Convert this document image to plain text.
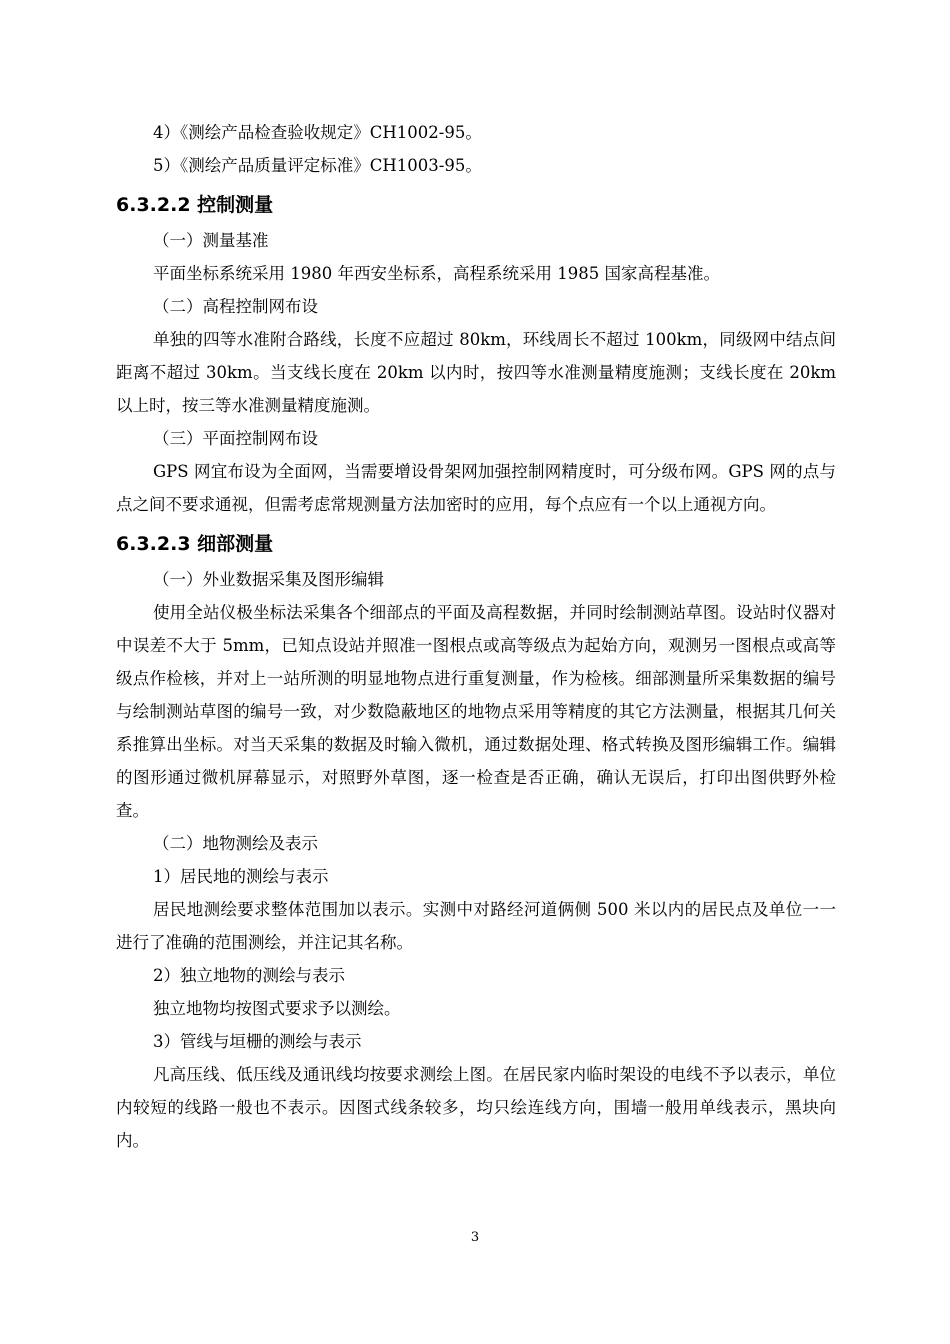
4）《测绘产品检查验收规定》CH1002-95。

5）《测绘产品质量评定标准》CH1003-95。

6.3.2.2 控制测量

（一）测量基准

平面坐标系统采用 1980 年西安坐标系，高程系统采用 1985 国家高程基准。

（二）高程控制网布设

单独的四等水准附合路线，长度不应超过 80km，环线周长不超过 100km，同级网中结点间距离不超过 30km。当支线长度在 20km 以内时，按四等水准测量精度施测；支线长度在 20km 以上时，按三等水准测量精度施测。

（三）平面控制网布设

GPS 网宜布设为全面网，当需要增设骨架网加强控制网精度时，可分级布网。GPS 网的点与点之间不要求通视，但需考虑常规测量方法加密时的应用，每个点应有一个以上通视方向。

6.3.2.3 细部测量

（一）外业数据采集及图形编辑

使用全站仪极坐标法采集各个细部点的平面及高程数据，并同时绘制测站草图。设站时仪器对中误差不大于 5mm，已知点设站并照准一图根点或高等级点为起始方向，观测另一图根点或高等级点作检核，并对上一站所测的明显地物点进行重复测量，作为检核。细部测量所采集数据的编号与绘制测站草图的编号一致，对少数隐蔽地区的地物点采用等精度的其它方法测量，根据其几何关系推算出坐标。对当天采集的数据及时输入微机，通过数据处理、格式转换及图形编辑工作。编辑的图形通过微机屏幕显示，对照野外草图，逐一检查是否正确，确认无误后，打印出图供野外检查。

（二）地物测绘及表示

1）居民地的测绘与表示

居民地测绘要求整体范围加以表示。实测中对路经河道俩侧 500 米以内的居民点及单位一一进行了准确的范围测绘，并注记其名称。

2）独立地物的测绘与表示

独立地物均按图式要求予以测绘。

3）管线与垣栅的测绘与表示

凡高压线、低压线及通讯线均按要求测绘上图。在居民家内临时架设的电线不予以表示，单位内较短的线路一般也不表示。因图式线条较多，均只绘连线方向，围墙一般用单线表示，黑块向内。

3
